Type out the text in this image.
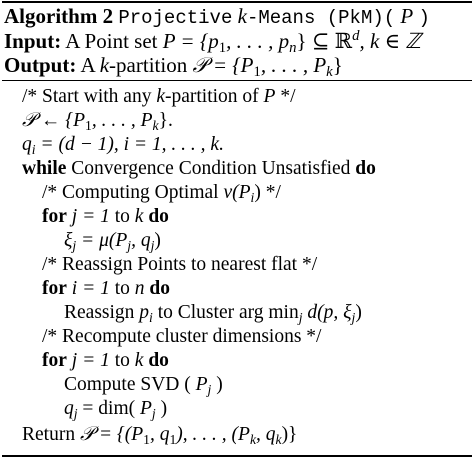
Algorithm 2 Projective k-Means (PkM)( P )
Input: A Point set $P = \{p_1$, . . . , $p_n$} ⊆ ℝ$^d$, k ∈ ℤ
Output: A k-partition 𝒫 = {$P_1$, . . . , $P_k$}
/* Start with any k-partition of P */
𝒫 ← {$P_1$, . . . , $P_k$}.
$q_i = (d - 1)$, i = 1, . . . , k.
while Convergence Condition Unsatisfied do
/* Computing Optimal $\nu(P_i)$ */
for j = 1 to k do
$\xi_j = \mu(P_j$, $q_j$)
/* Reassign Points to nearest flat */
for i = 1 to n do
Reassign $p_i$ to Cluster arg $\min_j d(p$, $\xi_j$)
/* Recompute cluster dimensions */
for j = 1 to k do
Compute SVD ( $P_j$ )
$q_j = dim$( $P_j$ )
Return 𝒫 = {($P_1$, $q_1$), . . . , ($P_k$, $q_k$)}
